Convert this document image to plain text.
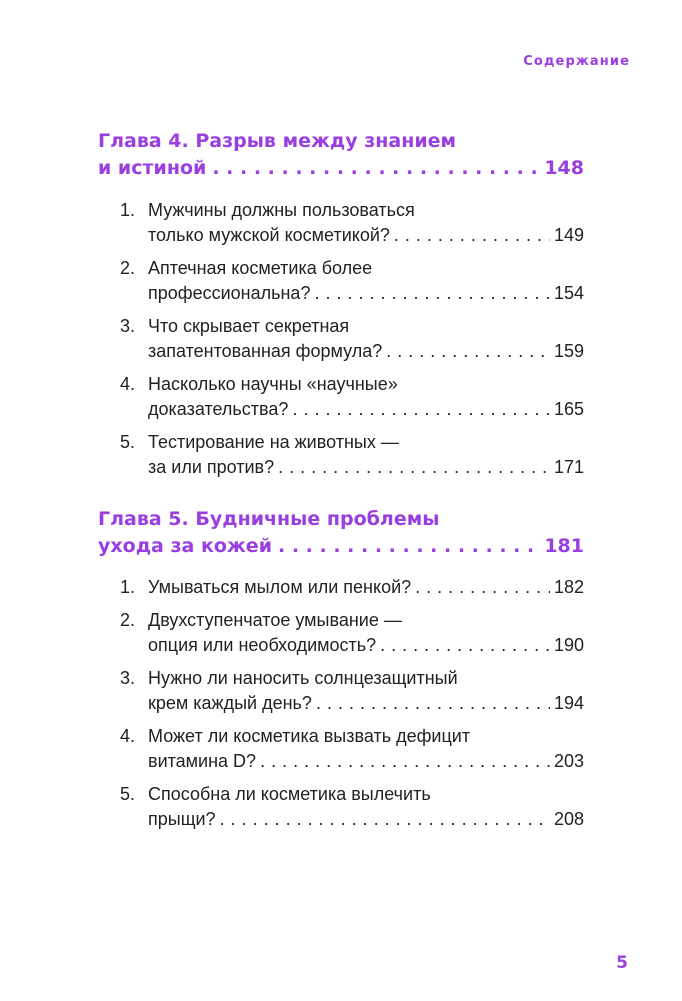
Содержание
Глава 4. Разрыв между знанием
и истиной . . .	148
1. Мужчины должны пользоваться
только мужской косметикой? . . .	149
2. Аптечная косметика более
профессиональна? . . .	154
3. Что скрывает секретная
запатентованная формула? . . .	159
4. Насколько научны «научные»
доказательства? . . .	165
5. Тестирование на животных —
за или против? . . .	171
Глава 5. Будничные проблемы
ухода за кожей . . .	181
1. Умываться мылом или пенкой? . . .	182
2. Двухступенчатое умывание —
опция или необходимость? . . .	190
3. Нужно ли наносить солнцезащитный
крем каждый день? . . .	194
4. Может ли косметика вызвать дефицит
витамина D? . . .	203
5. Способна ли косметика вылечить
прыщи? . . .	208
5
